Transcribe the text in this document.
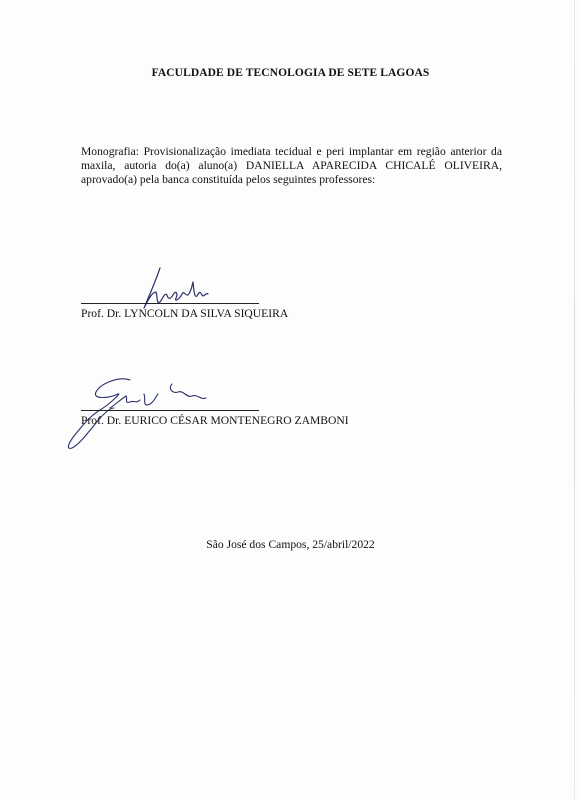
FACULDADE DE TECNOLOGIA DE SETE LAGOAS
Monografia: Provisionalização imediata tecidual e peri implantar em região anterior da maxila, autoria do(a) aluno(a) DANIELLA APARECIDA CHICALÉ OLIVEIRA, aprovado(a) pela banca constituída pelos seguintes professores:
Prof. Dr. LYNCOLN DA SILVA SIQUEIRA
Prof. Dr. EURICO CÉSAR MONTENEGRO ZAMBONI
São José dos Campos, 25/abril/2022
